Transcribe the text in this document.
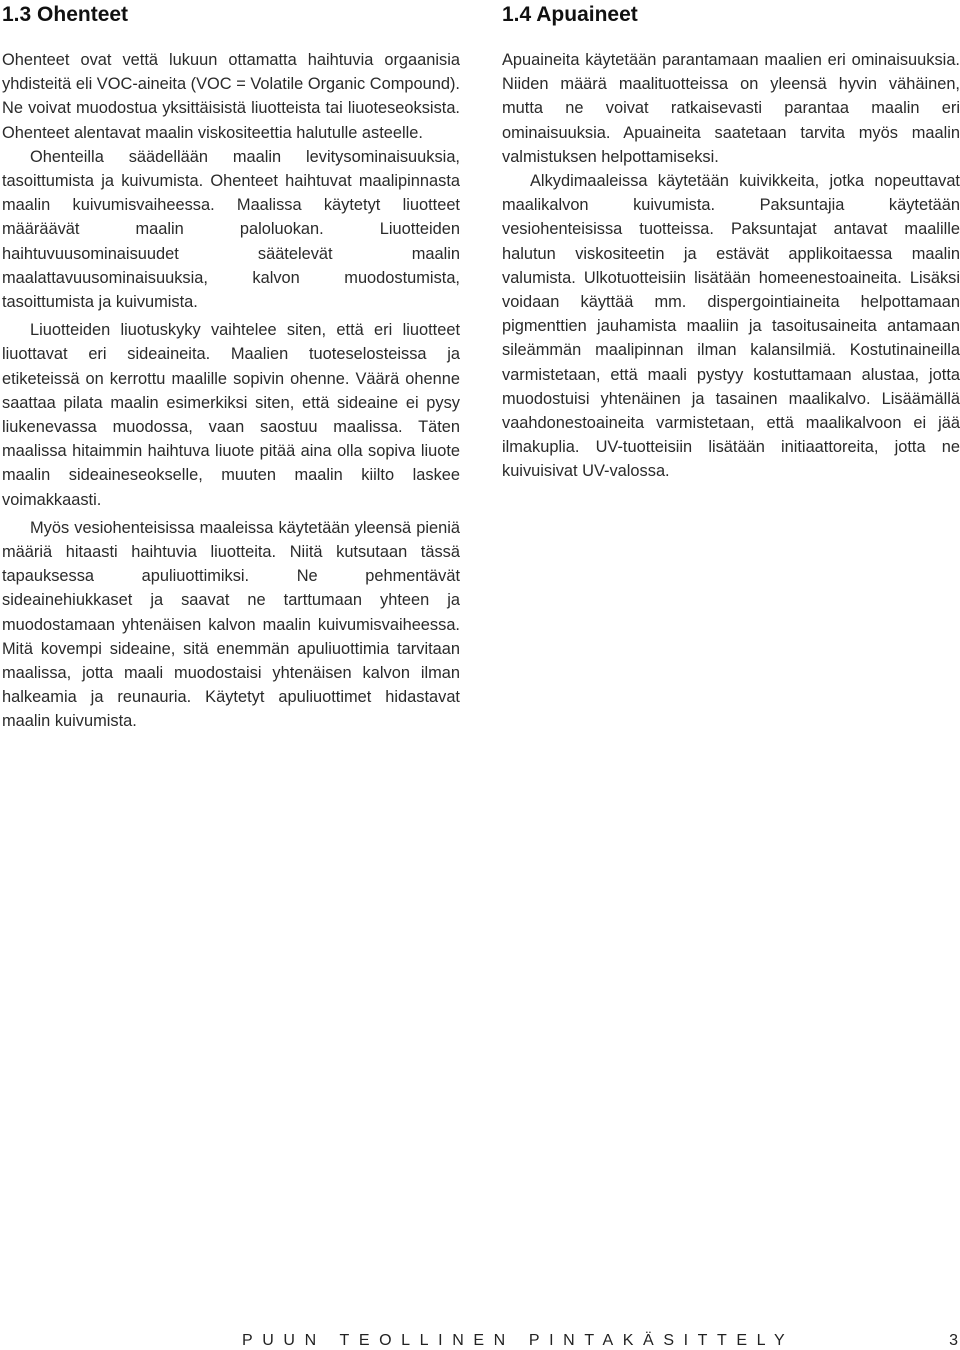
1.3 Ohenteet

Ohenteet ovat vettä lukuun ottamatta haihtuvia orgaanisia yhdisteitä eli VOC-aineita (VOC = Volatile Organic Compound). Ne voivat muodostua yksittäisistä liuotteista tai liuoteseoksista. Ohenteet alentavat maalin viskositeettia halutulle asteelle.

Ohenteilla säädellään maalin levitysominaisuuksia, tasoittumista ja kuivumista. Ohenteet haihtuvat maalipinnasta maalin kuivumisvaiheessa. Maalissa käytetyt liuotteet määräävät maalin paloluokan. Liuotteiden haihtuvuusominaisuudet säätelevät maalin maalattavuusominaisuuksia, kalvon muodostumista, tasoittumista ja kuivumista.

Liuotteiden liuotuskyky vaihtelee siten, että eri liuotteet liuottavat eri sideaineita. Maalien tuoteselosteissa ja etiketeissä on kerrottu maalille sopivin ohenne. Väärä ohenne saattaa pilata maalin esimerkiksi siten, että sideaine ei pysy liukenevassa muodossa, vaan saostuu maalissa. Täten maalissa hitaimmin haihtuva liuote pitää aina olla sopiva liuote maalin sideaineseokselle, muuten maalin kiilto laskee voimakkaasti.

Myös vesiohenteisissa maaleissa käytetään yleensä pieniä määriä hitaasti haihtuvia liuotteita. Niitä kutsutaan tässä tapauksessa apuliuottimiksi. Ne pehmentävät sideainehiukkaset ja saavat ne tarttumaan yhteen ja muodostamaan yhtenäisen kalvon maalin kuivumisvaiheessa. Mitä kovempi sideaine, sitä enemmän apuliuottimia tarvitaan maalissa, jotta maali muodostaisi yhtenäisen kalvon ilman halkeamia ja reunauria. Käytetyt apuliuottimet hidastavat maalin kuivumista.

1.4 Apuaineet

Apuaineita käytetään parantamaan maalien eri ominaisuuksia. Niiden määrä maalituotteissa on yleensä hyvin vähäinen, mutta ne voivat ratkaisevasti parantaa maalin eri ominaisuuksia. Apuaineita saatetaan tarvita myös maalin valmistuksen helpottamiseksi.

Alkydimaaleissa käytetään kuivikkeita, jotka nopeuttavat maalikalvon kuivumista. Paksuntajia käytetään vesiohenteisissa tuotteissa. Paksuntajat antavat maalille halutun viskositeetin ja estävät applikoitaessa maalin valumista. Ulkotuotteisiin lisätään homeenestoaineita. Lisäksi voidaan käyttää mm. dispergointiaineita helpottamaan pigmenttien jauhamista maaliin ja tasoitusaineita antamaan sileämmän maalipinnan ilman kalansilmiä. Kostutinaineilla varmistetaan, että maali pystyy kostuttamaan alustaa, jotta muodostuisi yhtenäinen ja tasainen maalikalvo. Lisäämällä vaahdonestoaineita varmistetaan, että maalikalvoon ei jää ilmakuplia. UV-tuotteisiin lisätään initiaattoreita, jotta ne kuivuisivat UV-valossa.

PUUN TEOLLINEN PINTAKÄSITTELY	3
